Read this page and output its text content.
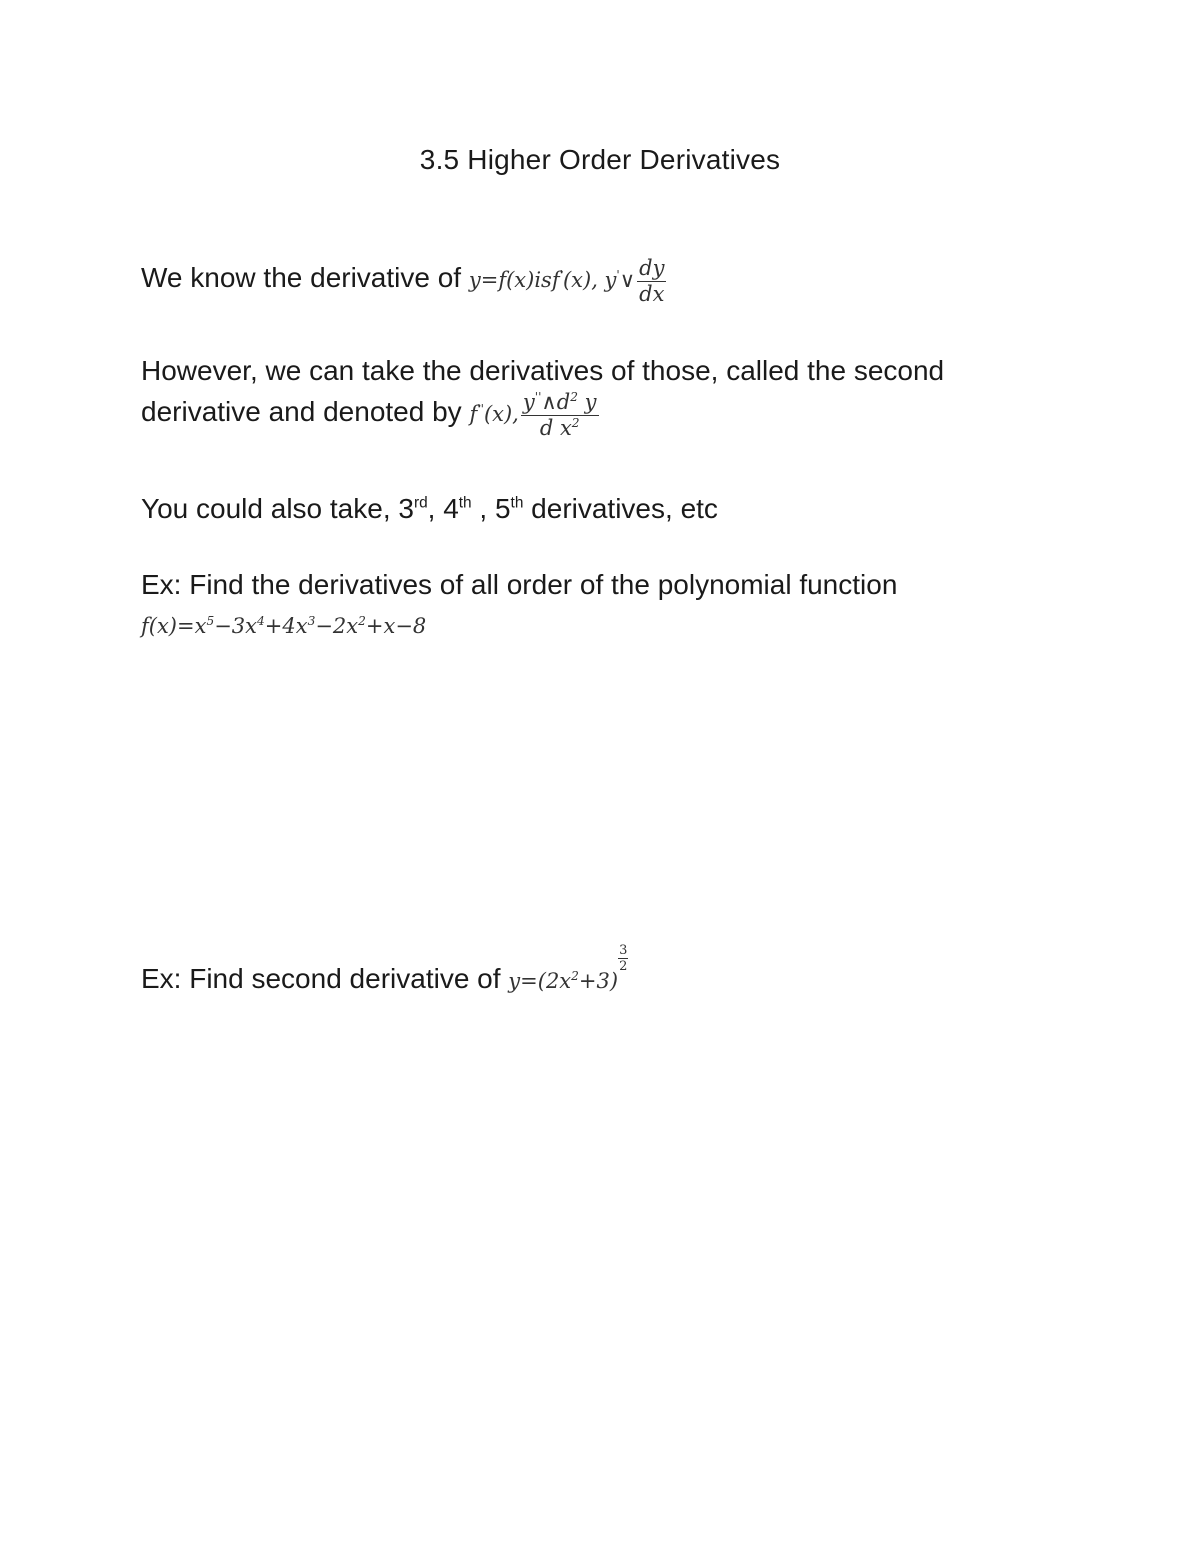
3.5 Higher Order Derivatives
We know the derivative of y=f(x)isf'(x), y'∨ $\frac{dy}{dx}$
However, we can take the derivatives of those, called the second
derivative and denoted by f''(x), $\frac{y''\wedge d^2 y}{d x^2}$
You could also take, 3rd, 4th , 5th derivatives, etc
Ex: Find the derivatives of all order of the polynomial function
$f(x)=x^5-3x^4+4x^3-2x^2+x-8$
Ex: Find second derivative of $y=(2x^2+3)$
$\frac{3}{2}$
